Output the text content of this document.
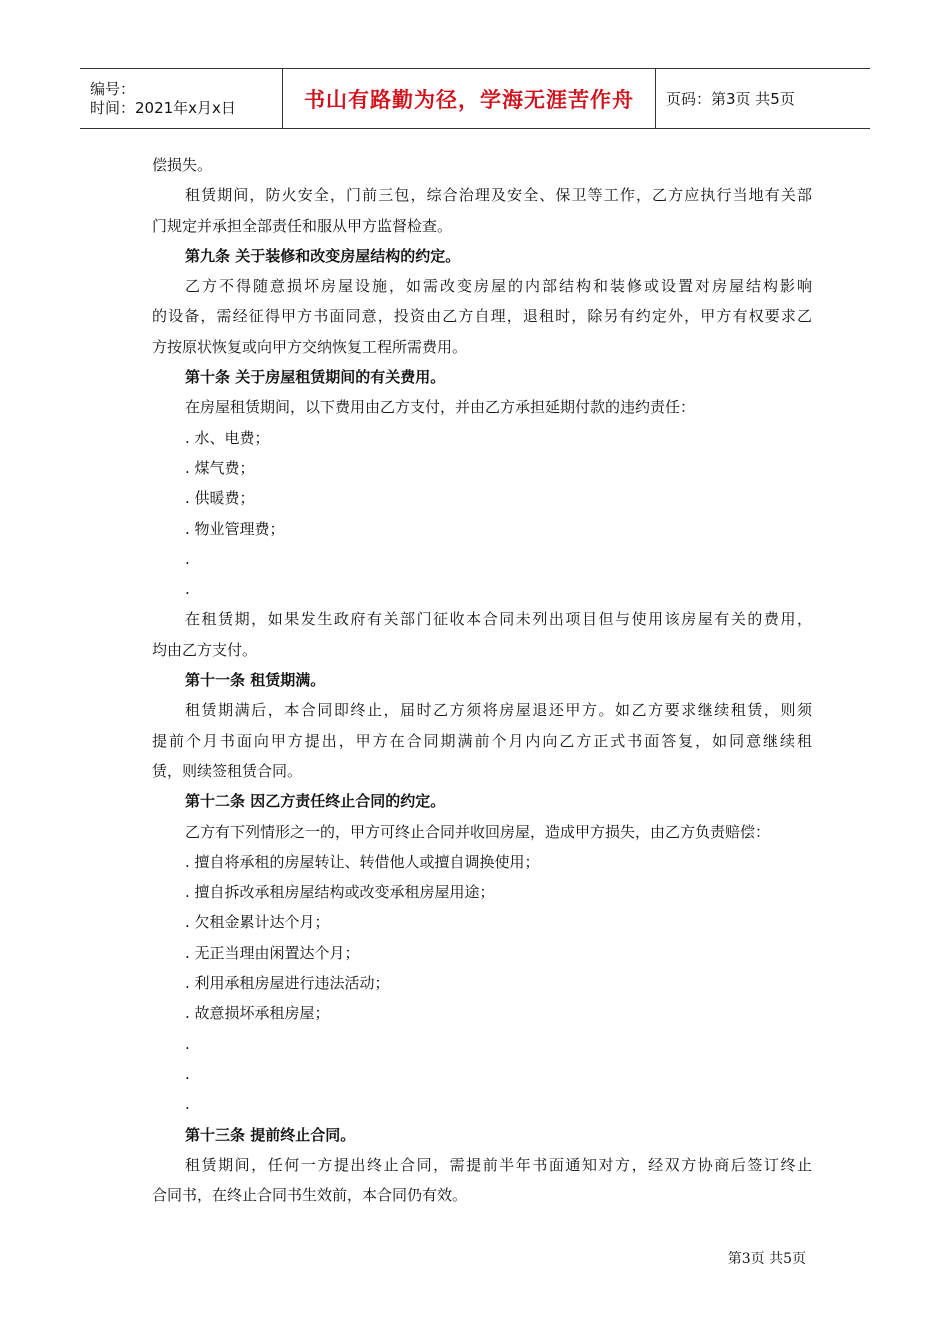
编号：
时间：2021年x月x日	书山有路勤为径，学海无涯苦作舟 页码：第3页 共5页
偿损失。
租赁期间，防火安全，门前三包，综合治理及安全、保卫等工作，乙方应执行当地有关部
门规定并承担全部责任和服从甲方监督检查。
第九条 关于装修和改变房屋结构的约定。
乙方不得随意损坏房屋设施，如需改变房屋的内部结构和装修或设置对房屋结构影响
的设备，需经征得甲方书面同意，投资由乙方自理，退租时，除另有约定外，甲方有权要求乙
方按原状恢复或向甲方交纳恢复工程所需费用。
第十条 关于房屋租赁期间的有关费用。
在房屋租赁期间，以下费用由乙方支付，并由乙方承担延期付款的违约责任：
. 水、电费；
. 煤气费；
. 供暖费；
. 物业管理费；
.
.
在租赁期，如果发生政府有关部门征收本合同未列出项目但与使用该房屋有关的费用，
均由乙方支付。
第十一条 租赁期满。
租赁期满后，本合同即终止，届时乙方须将房屋退还甲方。如乙方要求继续租赁，则须
提前个月书面向甲方提出，甲方在合同期满前个月内向乙方正式书面答复，如同意继续租
赁，则续签租赁合同。
第十二条 因乙方责任终止合同的约定。
乙方有下列情形之一的，甲方可终止合同并收回房屋，造成甲方损失，由乙方负责赔偿：
. 擅自将承租的房屋转让、转借他人或擅自调换使用；
. 擅自拆改承租房屋结构或改变承租房屋用途；
. 欠租金累计达个月；
. 无正当理由闲置达个月；
. 利用承租房屋进行违法活动；
. 故意损坏承租房屋；
.
.
.
第十三条 提前终止合同。
租赁期间，任何一方提出终止合同，需提前半年书面通知对方，经双方协商后签订终止
合同书，在终止合同书生效前，本合同仍有效。
第3页 共5页
